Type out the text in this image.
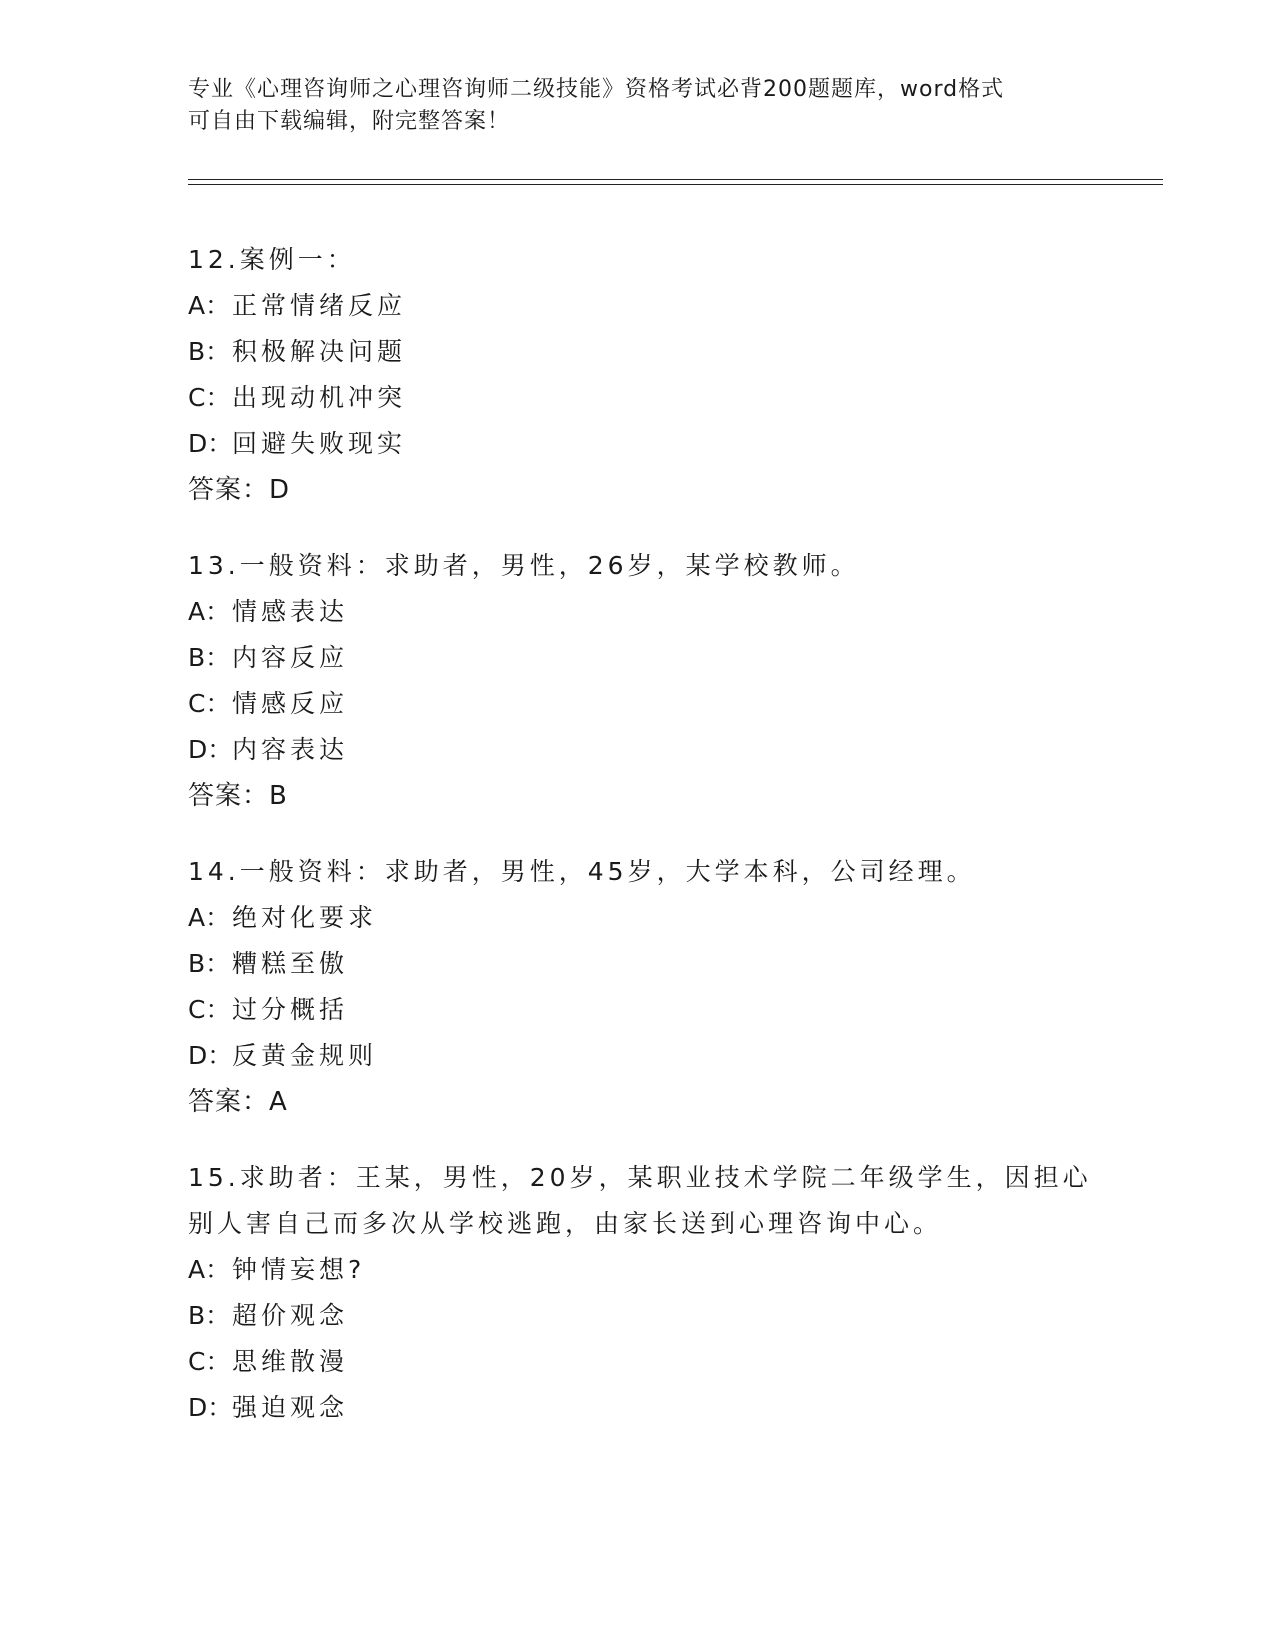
专业《心理咨询师之心理咨询师二级技能》资格考试必背200题题库，word格式
可自由下载编辑，附完整答案！
12.案例一：
A：正常情绪反应
B：积极解决问题
C：出现动机冲突
D：回避失败现实
答案：D
13.一般资料：求助者，男性，26岁，某学校教师。
A：情感表达
B：内容反应
C：情感反应
D：内容表达
答案：B
14.一般资料：求助者，男性，45岁，大学本科，公司经理。
A：绝对化要求
B：糟糕至傲
C：过分概括
D：反黄金规则
答案：A
15.求助者：王某，男性，20岁，某职业技术学院二年级学生，因担心
别人害自己而多次从学校逃跑，由家长送到心理咨询中心。
A：钟情妄想?
B：超价观念
C：思维散漫
D：强迫观念
